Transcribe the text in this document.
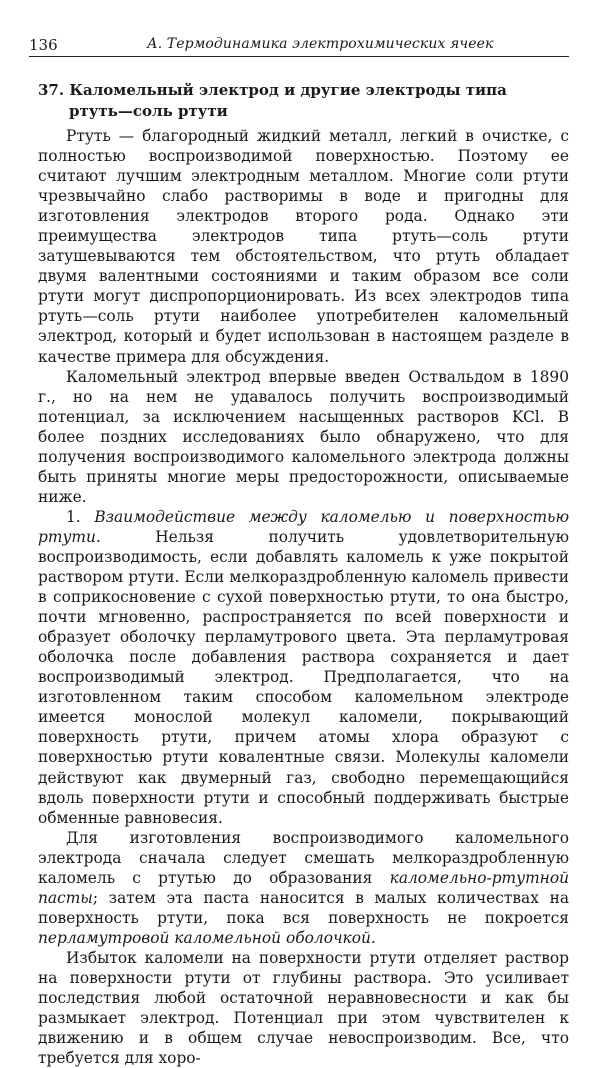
136	А. Термодинамика электрохимических ячеек
37. Каломельный электрод и другие электроды типа
ртуть—соль ртути

Ртуть — благородный жидкий металл, легкий в очистке, с полностью воспроизводимой поверхностью. Поэтому ее считают лучшим электродным металлом. Многие соли ртути чрезвычайно слабо растворимы в воде и пригодны для изготовления электродов второго рода. Однако эти преимущества электродов типа ртуть—соль ртути затушевываются тем обстоятельством, что ртуть обладает двумя валентными состояниями и таким образом все соли ртути могут диспропорционировать. Из всех электродов типа ртуть—соль ртути наиболее употребителен каломельный электрод, который и будет использован в настоящем разделе в качестве примера для обсуждения.

Каломельный электрод впервые введен Оствальдом в 1890 г., но на нем не удавалось получить воспроизводимый потенциал, за исключением насыщенных растворов KCl. В более поздних исследованиях было обнаружено, что для получения воспроизводимого каломельного электрода должны быть приняты многие меры предосторожности, описываемые ниже.

1. Взаимодействие между каломелью и поверхностью ртути. Нельзя получить удовлетворительную воспроизводимость, если добавлять каломель к уже покрытой раствором ртути. Если мелкораздробленную каломель привести в соприкосновение с сухой поверхностью ртути, то она быстро, почти мгновенно, распространяется по всей поверхности и образует оболочку перламутрового цвета. Эта перламутровая оболочка после добавления раствора сохраняется и дает воспроизводимый электрод. Предполагается, что на изготовленном таким способом каломельном электроде имеется монослой молекул каломели, покрывающий поверхность ртути, причем атомы хлора образуют с поверхностью ртути ковалентные связи. Молекулы каломели действуют как двумерный газ, свободно перемещающийся вдоль поверхности ртути и способный поддерживать быстрые обменные равновесия.

Для изготовления воспроизводимого каломельного электрода сначала следует смешать мелкораздробленную каломель с ртутью до образования каломельно-ртутной пасты; затем эта паста наносится в малых количествах на поверхность ртути, пока вся поверхность не покроется перламутровой каломельной оболочкой.

Избыток каломели на поверхности ртути отделяет раствор на поверхности ртути от глубины раствора. Это усиливает последствия любой остаточной неравновесности и как бы размыкает электрод. Потенциал при этом чувствителен к движению и в общем случае невоспроизводим. Все, что требуется для хоро-
